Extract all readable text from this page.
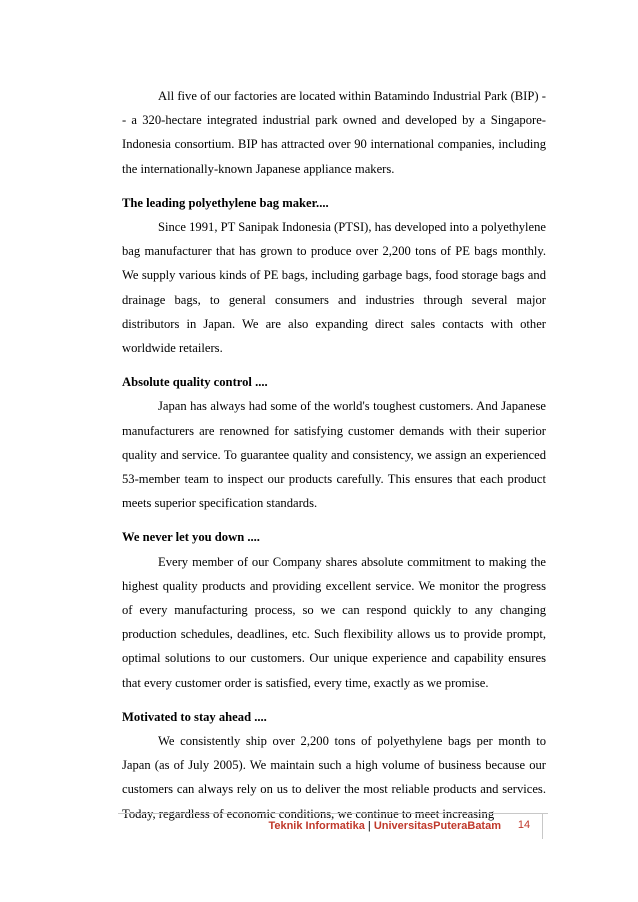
All five of our factories are located within Batamindo Industrial Park (BIP) -- a 320-hectare integrated industrial park owned and developed by a Singapore-Indonesia consortium. BIP has attracted over 90 international companies, including the internationally-known Japanese appliance makers.

The leading polyethylene bag maker....

Since 1991, PT Sanipak Indonesia (PTSI), has developed into a polyethylene bag manufacturer that has grown to produce over 2,200 tons of PE bags monthly. We supply various kinds of PE bags, including garbage bags, food storage bags and drainage bags, to general consumers and industries through several major distributors in Japan. We are also expanding direct sales contacts with other worldwide retailers.

Absolute quality control ....

Japan has always had some of the world's toughest customers. And Japanese manufacturers are renowned for satisfying customer demands with their superior quality and service. To guarantee quality and consistency, we assign an experienced 53-member team to inspect our products carefully. This ensures that each product meets superior specification standards.

We never let you down ....

Every member of our Company shares absolute commitment to making the highest quality products and providing excellent service. We monitor the progress of every manufacturing process, so we can respond quickly to any changing production schedules, deadlines, etc. Such flexibility allows us to provide prompt, optimal solutions to our customers. Our unique experience and capability ensures that every customer order is satisfied, every time, exactly as we promise.

Motivated to stay ahead ....

We consistently ship over 2,200 tons of polyethylene bags per month to Japan (as of July 2005). We maintain such a high volume of business because our customers can always rely on us to deliver the most reliable products and services. Today, regardless of economic conditions, we continue to meet increasing

Teknik Informatika | UniversitasPuteraBatam	14
